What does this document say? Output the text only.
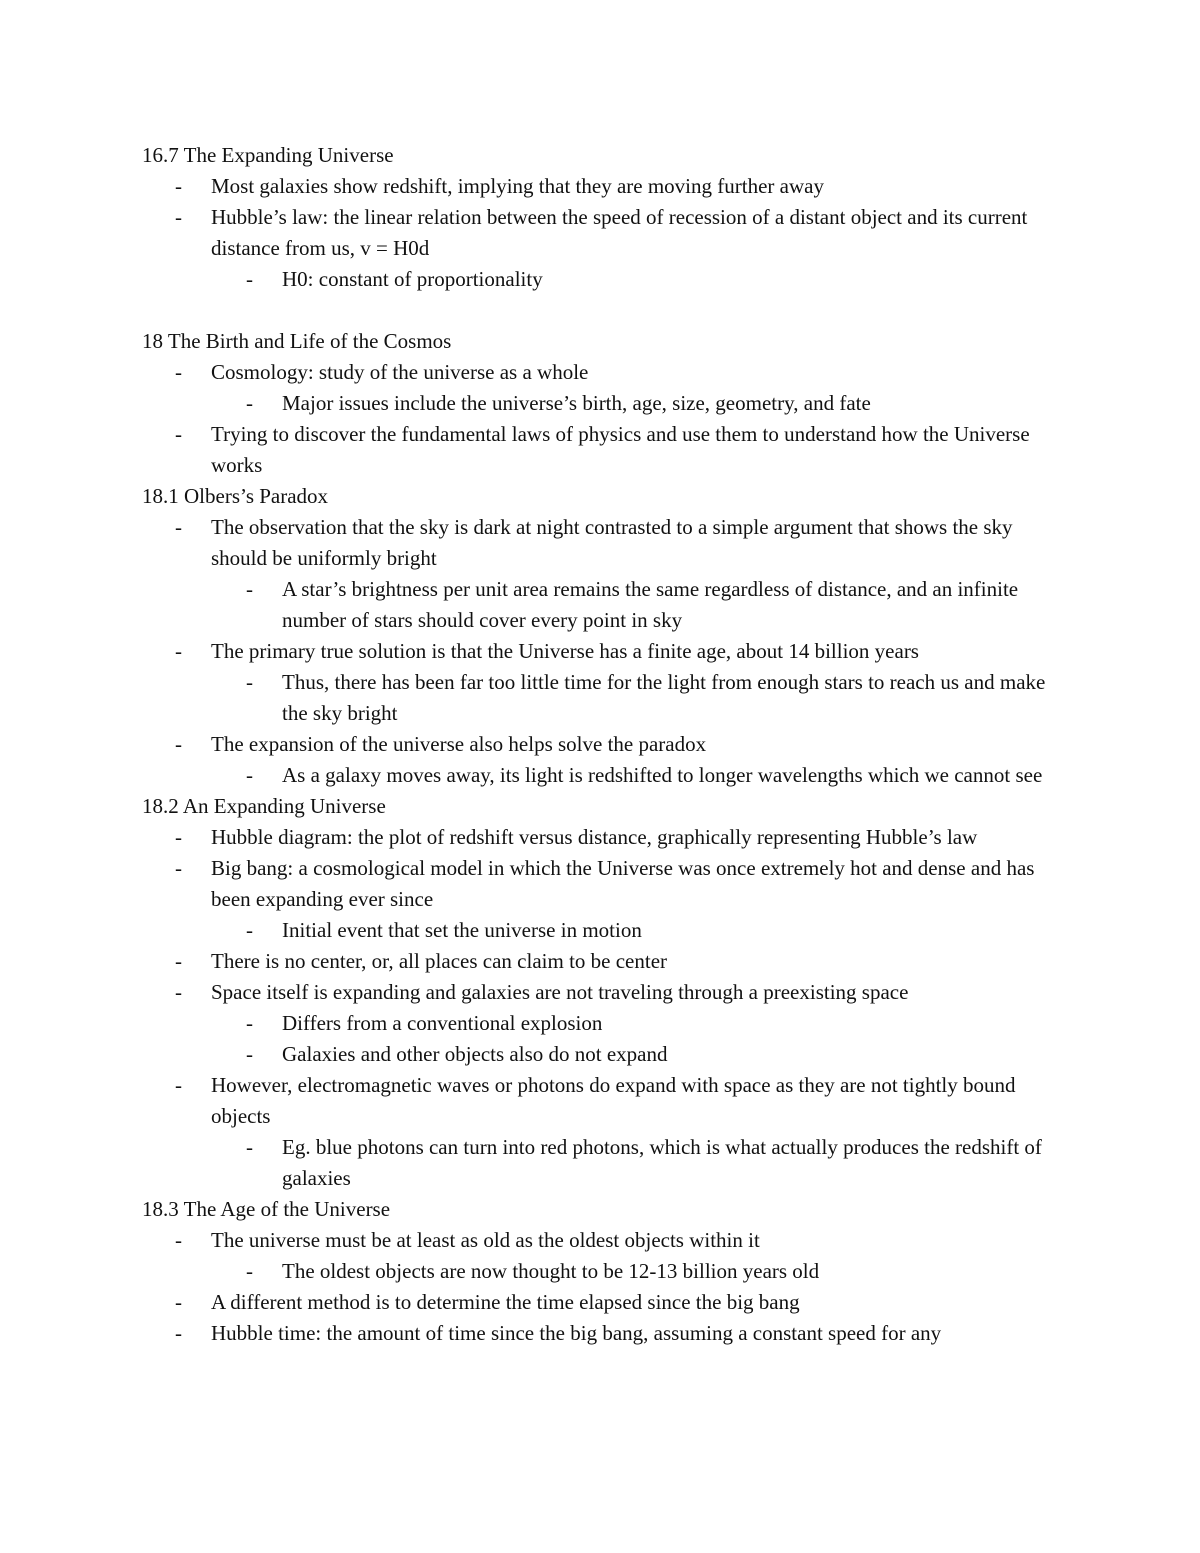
16.7 The Expanding Universe
- Most galaxies show redshift, implying that they are moving further away
- Hubble’s law: the linear relation between the speed of recession of a distant object and its current distance from us, v = H0d
- H0: constant of proportionality
18 The Birth and Life of the Cosmos
- Cosmology: study of the universe as a whole
- Major issues include the universe’s birth, age, size, geometry, and fate
- Trying to discover the fundamental laws of physics and use them to understand how the Universe works
18.1 Olbers’s Paradox
- The observation that the sky is dark at night contrasted to a simple argument that shows the sky should be uniformly bright
- A star’s brightness per unit area remains the same regardless of distance, and an infinite number of stars should cover every point in sky
- The primary true solution is that the Universe has a finite age, about 14 billion years
- Thus, there has been far too little time for the light from enough stars to reach us and make the sky bright
- The expansion of the universe also helps solve the paradox
- As a galaxy moves away, its light is redshifted to longer wavelengths which we cannot see
18.2 An Expanding Universe
- Hubble diagram: the plot of redshift versus distance, graphically representing Hubble’s law
- Big bang: a cosmological model in which the Universe was once extremely hot and dense and has been expanding ever since
- Initial event that set the universe in motion
- There is no center, or, all places can claim to be center
- Space itself is expanding and galaxies are not traveling through a preexisting space
- Differs from a conventional explosion
- Galaxies and other objects also do not expand
- However, electromagnetic waves or photons do expand with space as they are not tightly bound objects
- Eg. blue photons can turn into red photons, which is what actually produces the redshift of galaxies
18.3 The Age of the Universe
- The universe must be at least as old as the oldest objects within it
- The oldest objects are now thought to be 12-13 billion years old
- A different method is to determine the time elapsed since the big bang
- Hubble time: the amount of time since the big bang, assuming a constant speed for any
